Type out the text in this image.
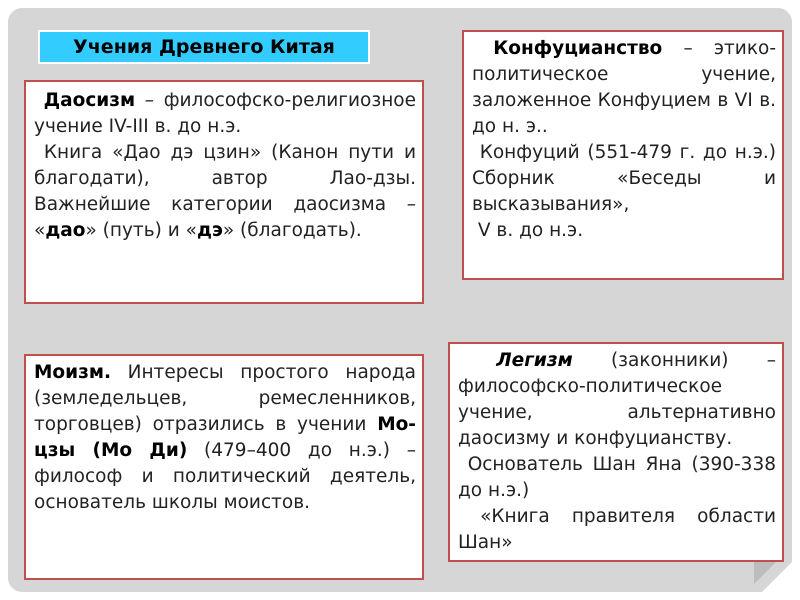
Учения Древнего Китая

Даосизм – философско-религиозное учение IV-III в. до н.э.

Книга «Дао дэ цзин» (Канон пути и благодати), автор Лао-дзы. Важнейшие категории даосизма – «дао» (путь) и «дэ» (благодать).

Конфуцианство – этико-политическое учение, заложенное Конфуцием в VI в. до н. э..

Конфуций (551-479 г. до н.э.) Сборник «Беседы и высказывания»,

V в. до н.э.

Моизм. Интересы простого народа (земледельцев, ремесленников, торговцев) отразились в учении Мо-цзы (Мо Ди) (479–400 до н.э.) – философ и политический деятель, основатель школы моистов.

Легизм (законники) – философско-политическое учение, альтернативно даосизму и конфуцианству.

Основатель Шан Яна (390-338 до н.э.)

«Книга правителя области Шан»
